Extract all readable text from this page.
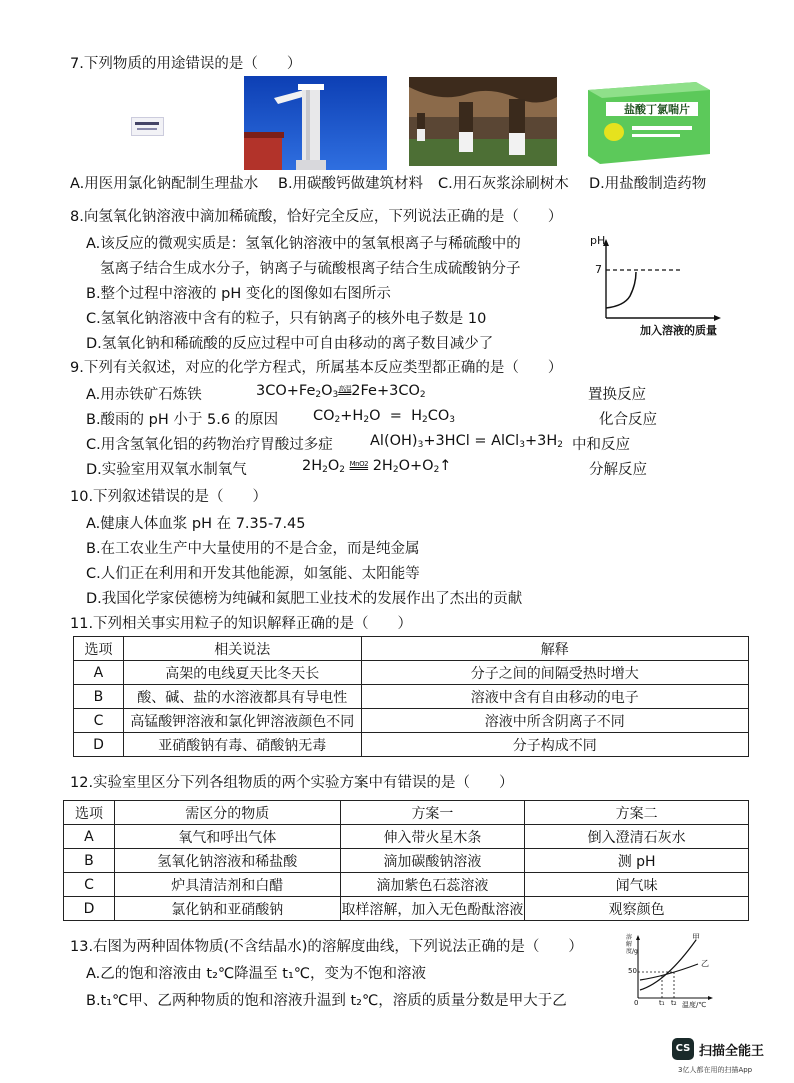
7.下列物质的用途错误的是（　　）
盐酸丁氯喘片
A.用医用氯化钠配制生理盐水 B.用碳酸钙做建筑材料 C.用石灰浆涂刷树木 D.用盐酸制造药物
8.向氢氧化钠溶液中滴加稀硫酸，恰好完全反应，下列说法正确的是（　　）
A.该反应的微观实质是：氢氧化钠溶液中的氢氧根离子与稀硫酸中的
氢离子结合生成水分子，钠离子与硫酸根离子结合生成硫酸钠分子
B.整个过程中溶液的 pH 变化的图像如右图所示
C.氢氧化钠溶液中含有的粒子，只有钠离子的核外电子数是 10
D.氢氧化钠和稀硫酸的反应过程中可自由移动的离子数目减少了
pH
7
加入溶液的质量
9.下列有关叙述，对应的化学方程式，所属基本反应类型都正确的是（　　）
A.用赤铁矿石炼铁	$3CO+Fe_2O_3^{高温}2Fe+3CO_2$	置换反应
B.酸雨的 pH 小于 5.6 的原因 $CO_2+H_2O = H_2CO_3$	化合反应
C.用含氢氧化铝的药物治疗胃酸过多症	$Al(OH)_3+3HCl$ = $AlCl_3+3H_2$ 中和反应
D.实验室用双氧水制氧气	$2H_2O_2$ $^{MnO2}$ $2H_2O+O_2↑$	分解反应
10.下列叙述错误的是（　　）
A.健康人体血浆 pH 在 7.35-7.45
B.在工农业生产中大量使用的不是合金，而是纯金属
C.人们正在利用和开发其他能源，如氢能、太阳能等
D.我国化学家侯德榜为纯碱和氮肥工业技术的发展作出了杰出的贡献
11.下列相关事实用粒子的知识解释正确的是（　　）
选项	相关说法	解释
A	高架的电线夏天比冬天长	分子之间的间隔受热时增大
B	酸、碱、盐的水溶液都具有导电性	溶液中含有自由移动的电子
C	高锰酸钾溶液和氯化钾溶液颜色不同	溶液中所含阴离子不同
D	亚硝酸钠有毒、硝酸钠无毒	分子构成不同
12.实验室里区分下列各组物质的两个实验方案中有错误的是（　　）
选项	需区分的物质	方案一	方案二
A	氧气和呼出气体	伸入带火星木条	倒入澄清石灰水
B	氢氧化钠溶液和稀盐酸	滴加碳酸钠溶液	测 pH
C	炉具清洁剂和白醋	滴加紫色石蕊溶液	闻气味
D	氯化钠和亚硝酸钠	取样溶解，加入无色酚酞溶液	观察颜色
13.右图为两种固体物质(不含结晶水)的溶解度曲线，下列说法正确的是（　　）
A.乙的饱和溶液由 t₂℃降温至 t₁℃，变为不饱和溶液
B.t₁℃甲、乙两种物质的饱和溶液升温到 t₂℃，溶质的质量分数是甲大于乙
溶解度/g
50
甲
乙
0	t₁ t₂ 温度/℃
CS 扫描全能王
3亿人都在用的扫描App
